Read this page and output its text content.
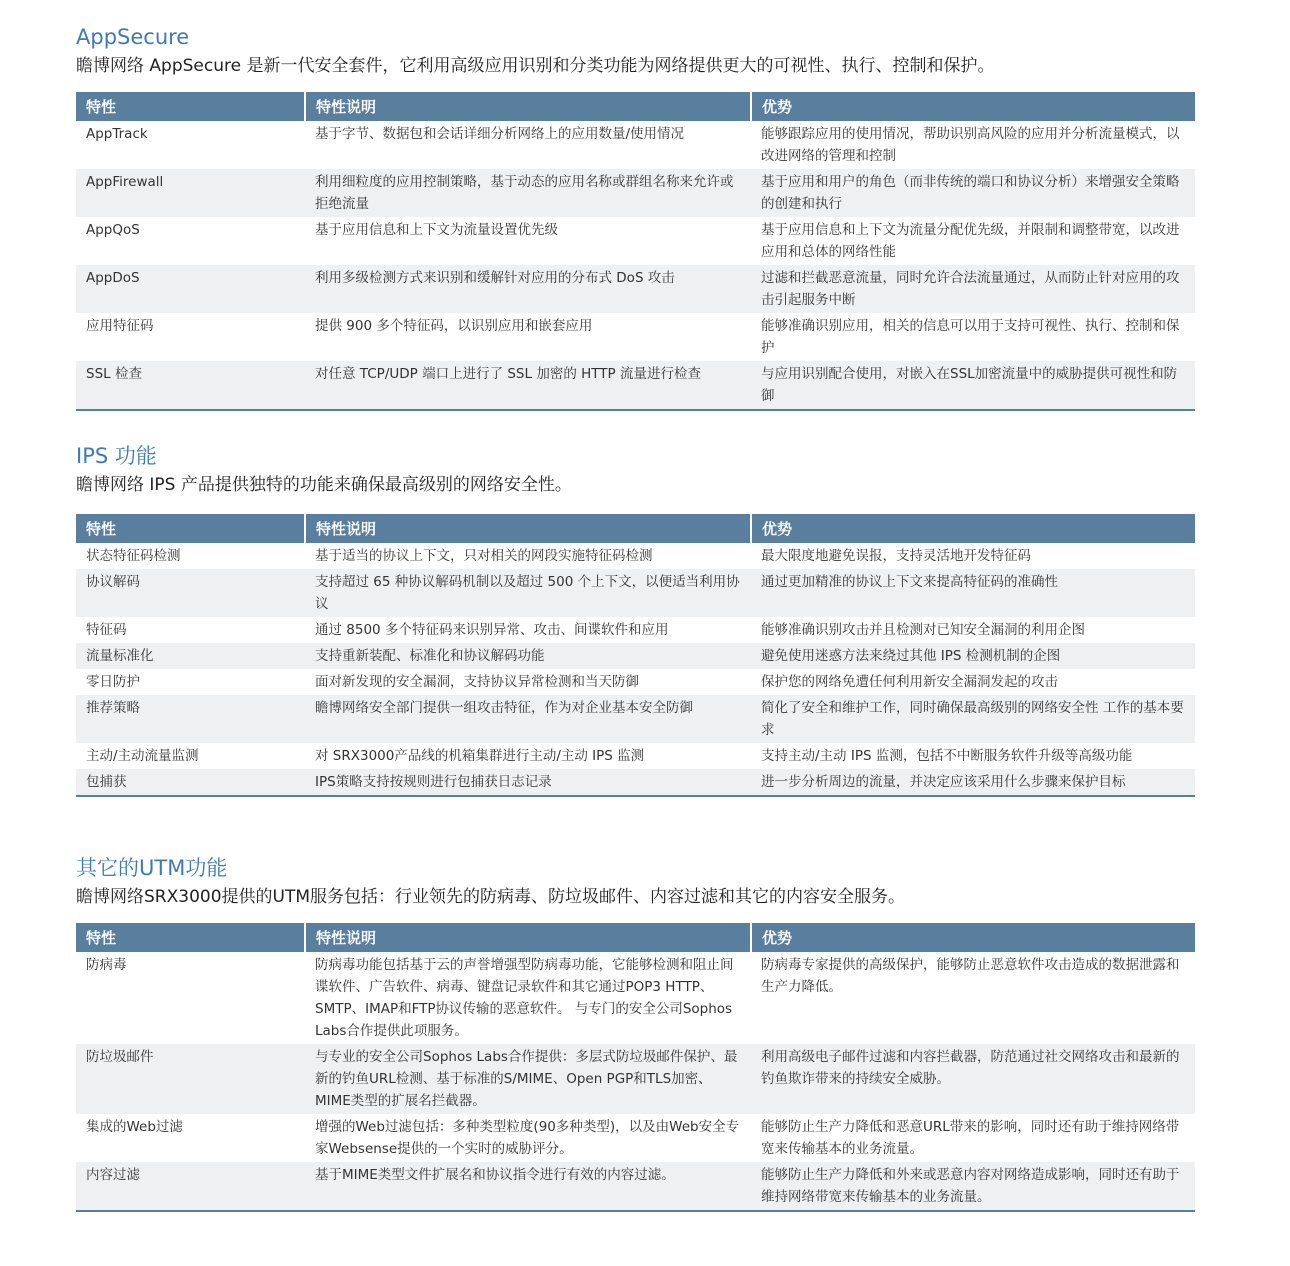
AppSecure

瞻博网络 AppSecure 是新一代安全套件，它利用高级应用识别和分类功能为网络提供更大的可视性、执行、控制和保护。

特性	特性说明	优势
AppTrack	基于字节、数据包和会话详细分析网络上的应用数量/使用情况	能够跟踪应用的使用情况，帮助识别高风险的应用并分析流量模式，以改进网络的管理和控制
AppFirewall	利用细粒度的应用控制策略，基于动态的应用名称或群组名称来允许或拒绝流量	基于应用和用户的角色（而非传统的端口和协议分析）来增强安全策略的创建和执行
AppQoS	基于应用信息和上下文为流量设置优先级	基于应用信息和上下文为流量分配优先级，并限制和调整带宽，以改进应用和总体的网络性能
AppDoS	利用多级检测方式来识别和缓解针对应用的分布式 DoS 攻击	过滤和拦截恶意流量，同时允许合法流量通过，从而防止针对应用的攻击引起服务中断
应用特征码	提供 900 多个特征码，以识别应用和嵌套应用	能够准确识别应用，相关的信息可以用于支持可视性、执行、控制和保护
SSL 检查	对任意 TCP/UDP 端口上进行了 SSL 加密的 HTTP 流量进行检查	与应用识别配合使用，对嵌入在SSL加密流量中的威胁提供可视性和防御
IPS 功能

瞻博网络 IPS 产品提供独特的功能来确保最高级别的网络安全性。

特性	特性说明	优势
状态特征码检测	基于适当的协议上下文，只对相关的网段实施特征码检测	最大限度地避免误报，支持灵活地开发特征码
协议解码	支持超过 65 种协议解码机制以及超过 500 个上下文，以便适当利用协议	通过更加精准的协议上下文来提高特征码的准确性
特征码	通过 8500 多个特征码来识别异常、攻击、间谍软件和应用	能够准确识别攻击并且检测对已知安全漏洞的利用企图
流量标准化	支持重新装配、标准化和协议解码功能	避免使用迷惑方法来绕过其他 IPS 检测机制的企图
零日防护	面对新发现的安全漏洞，支持协议异常检测和当天防御	保护您的网络免遭任何利用新安全漏洞发起的攻击
推荐策略	瞻博网络安全部门提供一组攻击特征，作为对企业基本安全防御	简化了安全和维护工作，同时确保最高级别的网络安全性 工作的基本要求
主动/主动流量监测	对 SRX3000产品线的机箱集群进行主动/主动 IPS 监测	支持主动/主动 IPS 监测，包括不中断服务软件升级等高级功能
包捕获	IPS策略支持按规则进行包捕获日志记录	进一步分析周边的流量，并决定应该采用什么步骤来保护目标
其它的UTM功能

瞻博网络SRX3000提供的UTM服务包括：行业领先的防病毒、防垃圾邮件、内容过滤和其它的内容安全服务。

特性	特性说明	优势
防病毒	防病毒功能包括基于云的声誉增强型防病毒功能，它能够检测和阻止间谍软件、广告软件、病毒、键盘记录软件和其它通过POP3 HTTP、SMTP、IMAP和FTP协议传输的恶意软件。 与专门的安全公司Sophos Labs合作提供此项服务。	防病毒专家提供的高级保护，能够防止恶意软件攻击造成的数据泄露和生产力降低。
防垃圾邮件	与专业的安全公司Sophos Labs合作提供：多层式防垃圾邮件保护、最新的钓鱼URL检测、基于标准的S/MIME、Open PGP和TLS加密、MIME类型的扩展名拦截器。	利用高级电子邮件过滤和内容拦截器，防范通过社交网络攻击和最新的钓鱼欺诈带来的持续安全威胁。
集成的Web过滤	增强的Web过滤包括：多种类型粒度(90多种类型)，以及由Web安全专家Websense提供的一个实时的威胁评分。	能够防止生产力降低和恶意URL带来的影响，同时还有助于维持网络带宽来传输基本的业务流量。
内容过滤	基于MIME类型文件扩展名和协议指令进行有效的内容过滤。	能够防止生产力降低和外来或恶意内容对网络造成影响，同时还有助于维持网络带宽来传输基本的业务流量。
